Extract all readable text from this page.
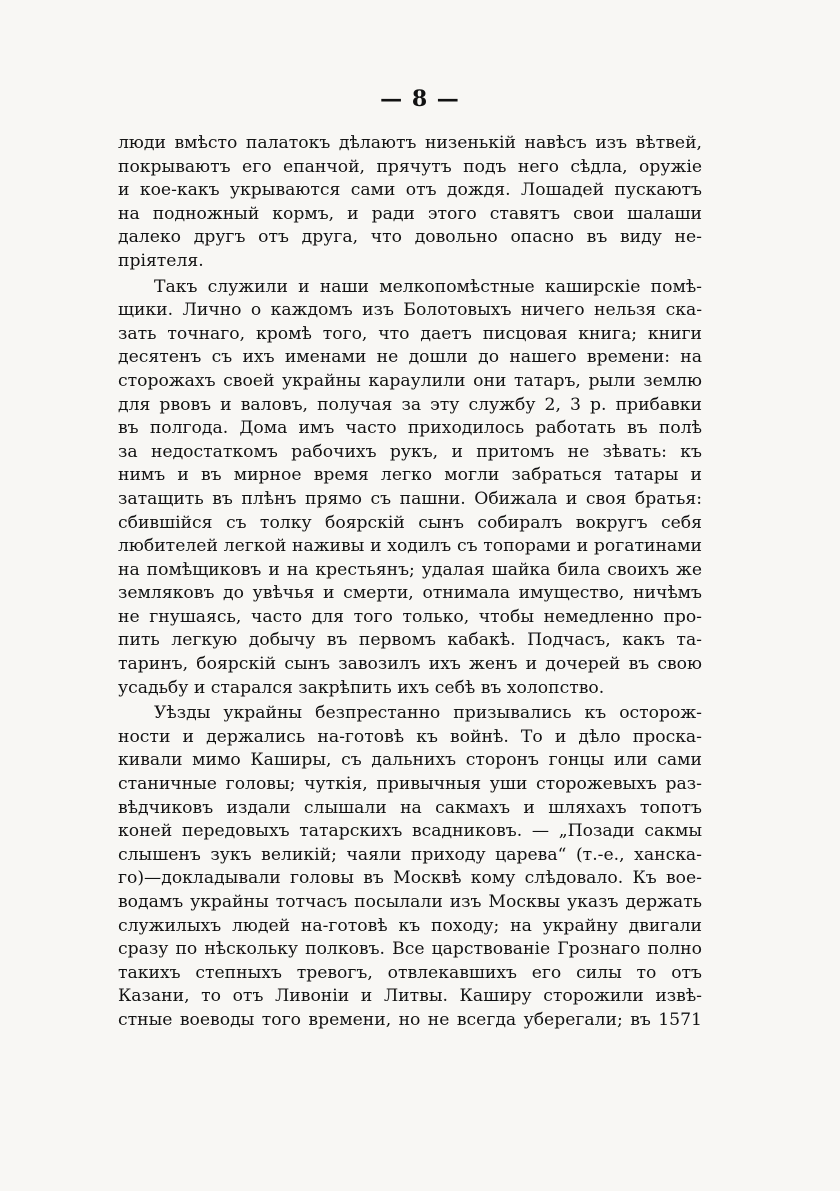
— 8 —
люди вмѣсто палатокъ дѣлаютъ низенькій навѣсъ изъ вѣтвей,
покрываютъ его епанчой, прячутъ подъ него сѣдла, оружіе
и кое-какъ укрываются сами отъ дождя. Лошадей пускаютъ
на подножный кормъ, и ради этого ставятъ свои шалаши
далеко другъ отъ друга, что довольно опасно въ виду не-
пріятеля.
Такъ служили и наши мелкопомѣстные каширскіе помѣ-
щики. Лично о каждомъ изъ Болотовыхъ ничего нельзя ска-
зать точнаго, кромѣ того, что даетъ писцовая книга; книги
десятенъ съ ихъ именами не дошли до нашего времени: на
сторожахъ своей украйны караулили они татаръ, рыли землю
для рвовъ и валовъ, получая за эту службу 2, 3 р. прибавки
въ полгода. Дома имъ часто приходилось работать въ полѣ
за недостаткомъ рабочихъ рукъ, и притомъ не зѣвать: къ
нимъ и въ мирное время легко могли забраться татары и
затащить въ плѣнъ прямо съ пашни. Обижала и своя братья:
сбившійся съ толку боярскій сынъ собиралъ вокругъ себя
любителей легкой наживы и ходилъ съ топорами и рогатинами
на помѣщиковъ и на крестьянъ; удалая шайка била своихъ же
земляковъ до увѣчья и смерти, отнимала имущество, ничѣмъ
не гнушаясь, часто для того только, чтобы немедленно про-
пить легкую добычу въ первомъ кабакѣ. Подчасъ, какъ та-
таринъ, боярскій сынъ завозилъ ихъ женъ и дочерей въ свою
усадьбу и старался закрѣпить ихъ себѣ въ холопство.
Уѣзды украйны безпрестанно призывались къ осторож-
ности и держались на-готовѣ къ войнѣ. То и дѣло проска-
кивали мимо Каширы, съ дальнихъ сторонъ гонцы или сами
станичные головы; чуткія, привычныя уши сторожевыхъ раз-
вѣдчиковъ издали слышали на сакмахъ и шляхахъ топотъ
коней передовыхъ татарскихъ всадниковъ. — „Позади сакмы
слышенъ зукъ великій; чаяли приходу царева“ (т.-е., ханска-
го)—докладывали головы въ Москвѣ кому слѣдовало. Къ вое-
водамъ украйны тотчасъ посылали изъ Москвы указъ держать
служилыхъ людей на-готовѣ къ походу; на украйну двигали
сразу по нѣскольку полковъ. Все царствованіе Грознаго полно
такихъ степныхъ тревогъ, отвлекавшихъ его силы то отъ
Казани, то отъ Ливоніи и Литвы. Каширу сторожили извѣ-
стные воеводы того времени, но не всегда уберегали; въ 1571
